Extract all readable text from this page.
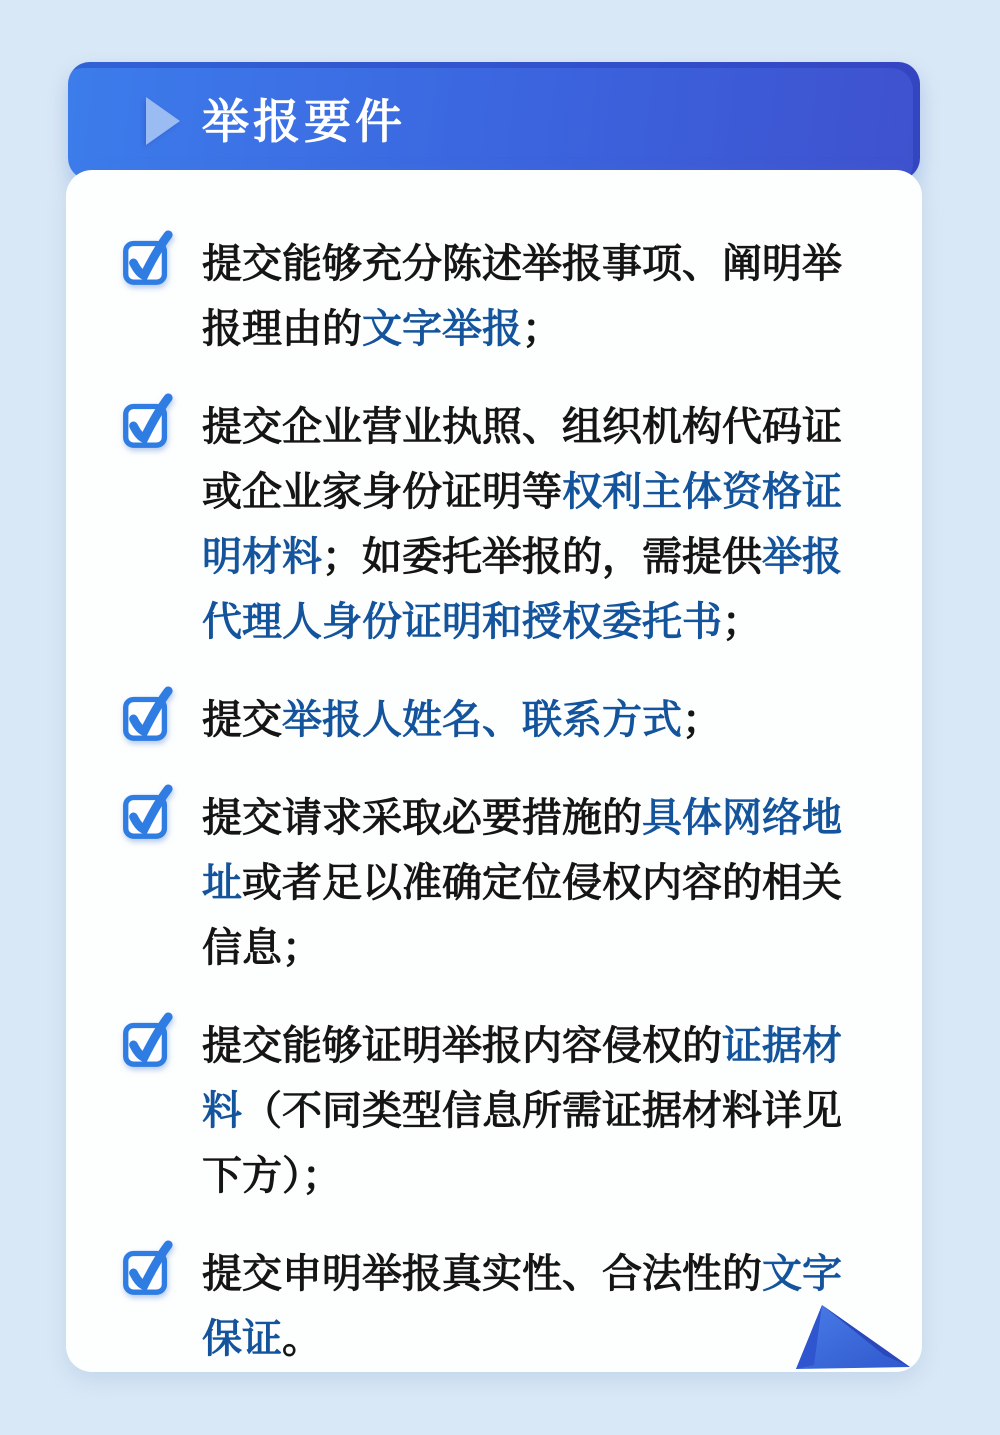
举报要件

提交能够充分陈述举报事项、阐明举报理由的文字举报；

提交企业营业执照、组织机构代码证或企业家身份证明等权利主体资格证明材料；如委托举报的，需提供举报代理人身份证明和授权委托书；

提交举报人姓名、联系方式；

提交请求采取必要措施的具体网络地址或者足以准确定位侵权内容的相关信息；

提交能够证明举报内容侵权的证据材料（不同类型信息所需证据材料详见下方）；

提交申明举报真实性、合法性的文字保证。
